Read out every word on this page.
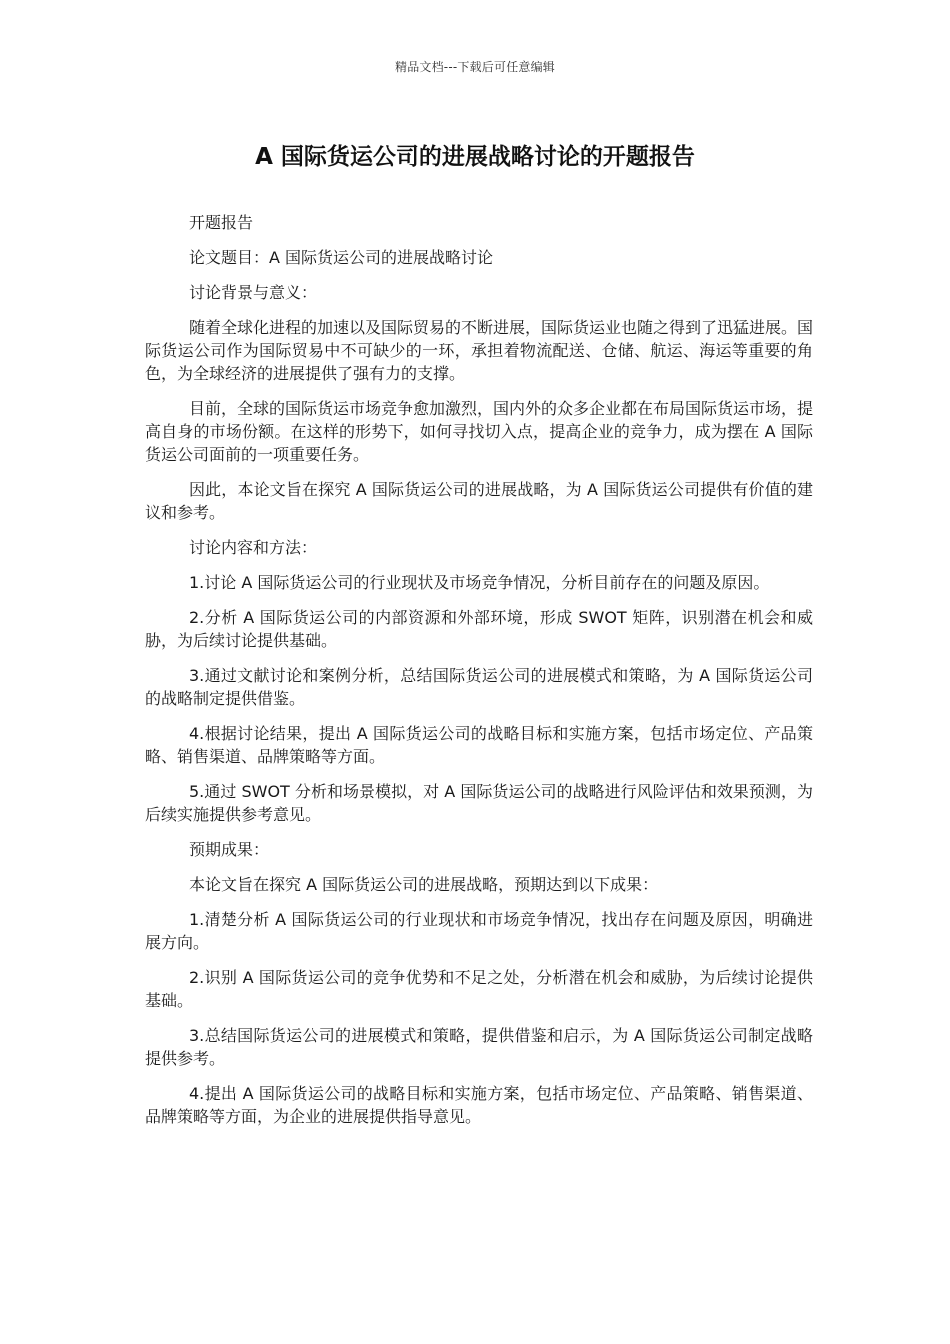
精品文档---下载后可任意编辑
A 国际货运公司的进展战略讨论的开题报告

开题报告

论文题目：A 国际货运公司的进展战略讨论

讨论背景与意义：

随着全球化进程的加速以及国际贸易的不断进展，国际货运业也随之得到了迅猛进展。国际货运公司作为国际贸易中不可缺少的一环，承担着物流配送、仓储、航运、海运等重要的角色，为全球经济的进展提供了强有力的支撑。

目前，全球的国际货运市场竞争愈加激烈，国内外的众多企业都在布局国际货运市场，提高自身的市场份额。在这样的形势下，如何寻找切入点，提高企业的竞争力，成为摆在 A 国际货运公司面前的一项重要任务。

因此，本论文旨在探究 A 国际货运公司的进展战略，为 A 国际货运公司提供有价值的建议和参考。

讨论内容和方法：

1.讨论 A 国际货运公司的行业现状及市场竞争情况，分析目前存在的问题及原因。

2.分析 A 国际货运公司的内部资源和外部环境，形成 SWOT 矩阵，识别潜在机会和威胁，为后续讨论提供基础。

3.通过文献讨论和案例分析，总结国际货运公司的进展模式和策略，为 A 国际货运公司的战略制定提供借鉴。

4.根据讨论结果，提出 A 国际货运公司的战略目标和实施方案，包括市场定位、产品策略、销售渠道、品牌策略等方面。

5.通过 SWOT 分析和场景模拟，对 A 国际货运公司的战略进行风险评估和效果预测，为后续实施提供参考意见。

预期成果：

本论文旨在探究 A 国际货运公司的进展战略，预期达到以下成果：

1.清楚分析 A 国际货运公司的行业现状和市场竞争情况，找出存在问题及原因，明确进展方向。

2.识别 A 国际货运公司的竞争优势和不足之处，分析潜在机会和威胁，为后续讨论提供基础。

3.总结国际货运公司的进展模式和策略，提供借鉴和启示，为 A 国际货运公司制定战略提供参考。

4.提出 A 国际货运公司的战略目标和实施方案，包括市场定位、产品策略、销售渠道、品牌策略等方面，为企业的进展提供指导意见。
